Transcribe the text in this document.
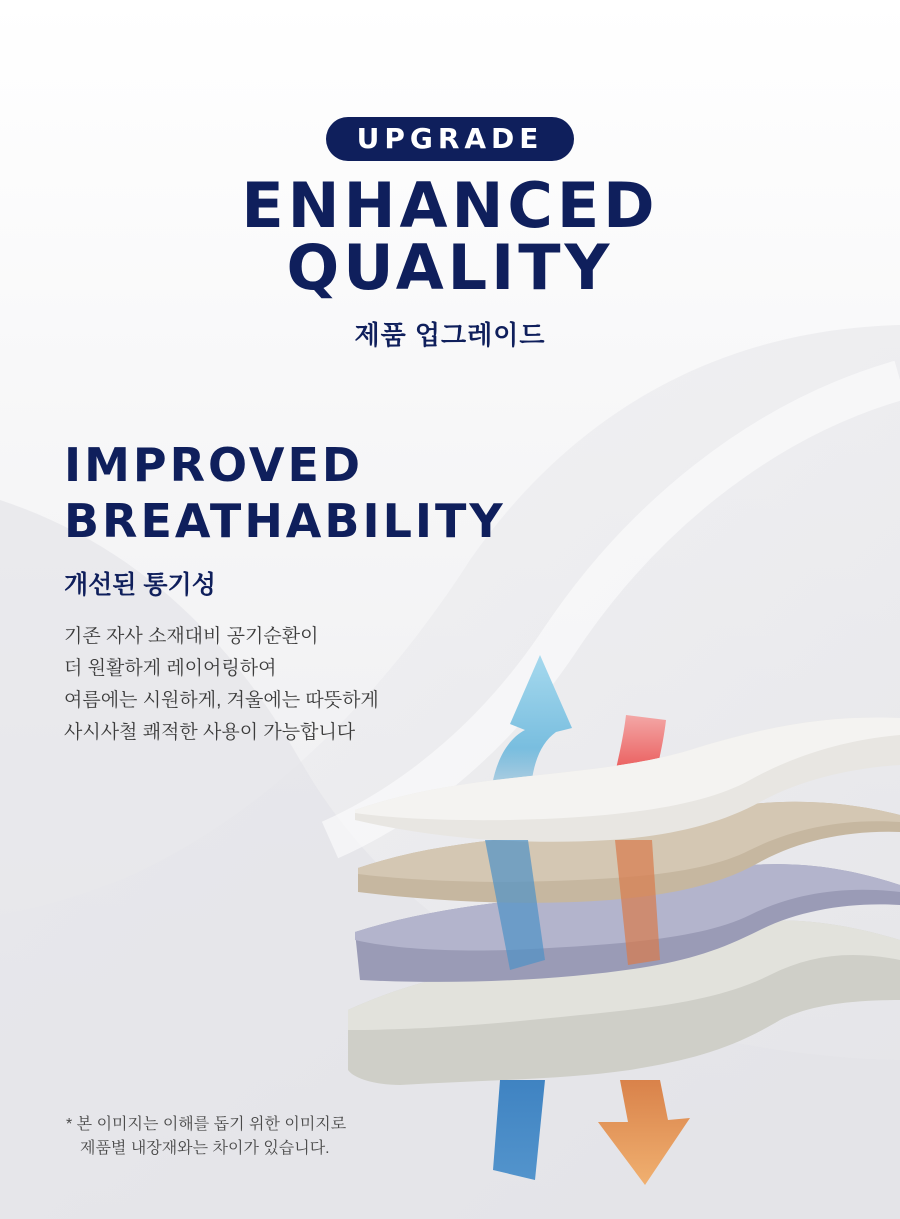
UPGRADE
ENHANCED
QUALITY
제품 업그레이드
IMPROVED
BREATHABILITY
개선된 통기성
기존 자사 소재대비 공기순환이
더 원활하게 레이어링하여
여름에는 시원하게, 겨울에는 따뜻하게
사시사철 쾌적한 사용이 가능합니다
* 본 이미지는 이해를 돕기 위한 이미지로
제품별 내장재와는 차이가 있습니다.
